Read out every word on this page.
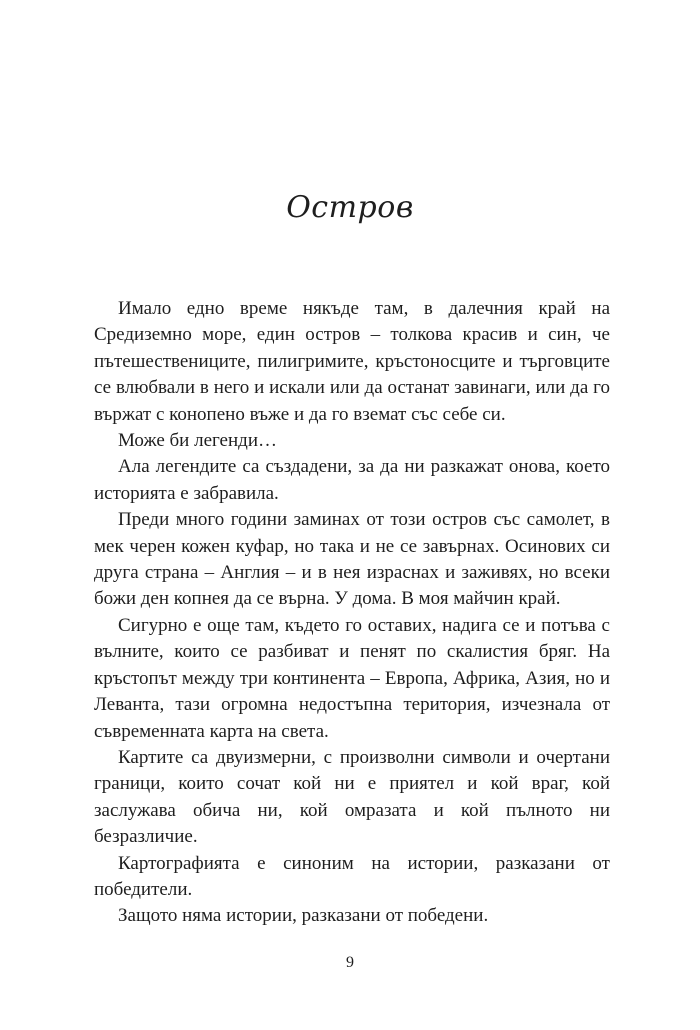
Остров

Имало едно време някъде там, в далечния край на Средиземно море, един остров – толкова красив и син, че пътешествениците, пилигримите, кръстоносците и търговците се влюбвали в него и искали или да останат завинаги, или да го вържат с конопено въже и да го вземат със себе си.

Може би легенди…

Ала легендите са създадени, за да ни разкажат онова, което историята е забравила.

Преди много години заминах от този остров със самолет, в мек черен кожен куфар, но така и не се завърнах. Осинових си друга страна – Англия – и в нея израснах и заживях, но всеки божи ден копнея да се върна. У дома. В моя майчин край.

Сигурно е още там, където го оставих, надига се и потъва с вълните, които се разбиват и пенят по скалистия бряг. На кръстопът между три континента – Европа, Африка, Азия, но и Леванта, тази огромна недостъпна територия, изчезнала от съвременната карта на света.

Картите са двуизмерни, с произволни символи и очертани граници, които сочат кой ни е приятел и кой враг, кой заслужава обича ни, кой омразата и кой пълното ни безразличие.

Картографията е синоним на истории, разказани от победители.

Защото няма истории, разказани от победени.

9
